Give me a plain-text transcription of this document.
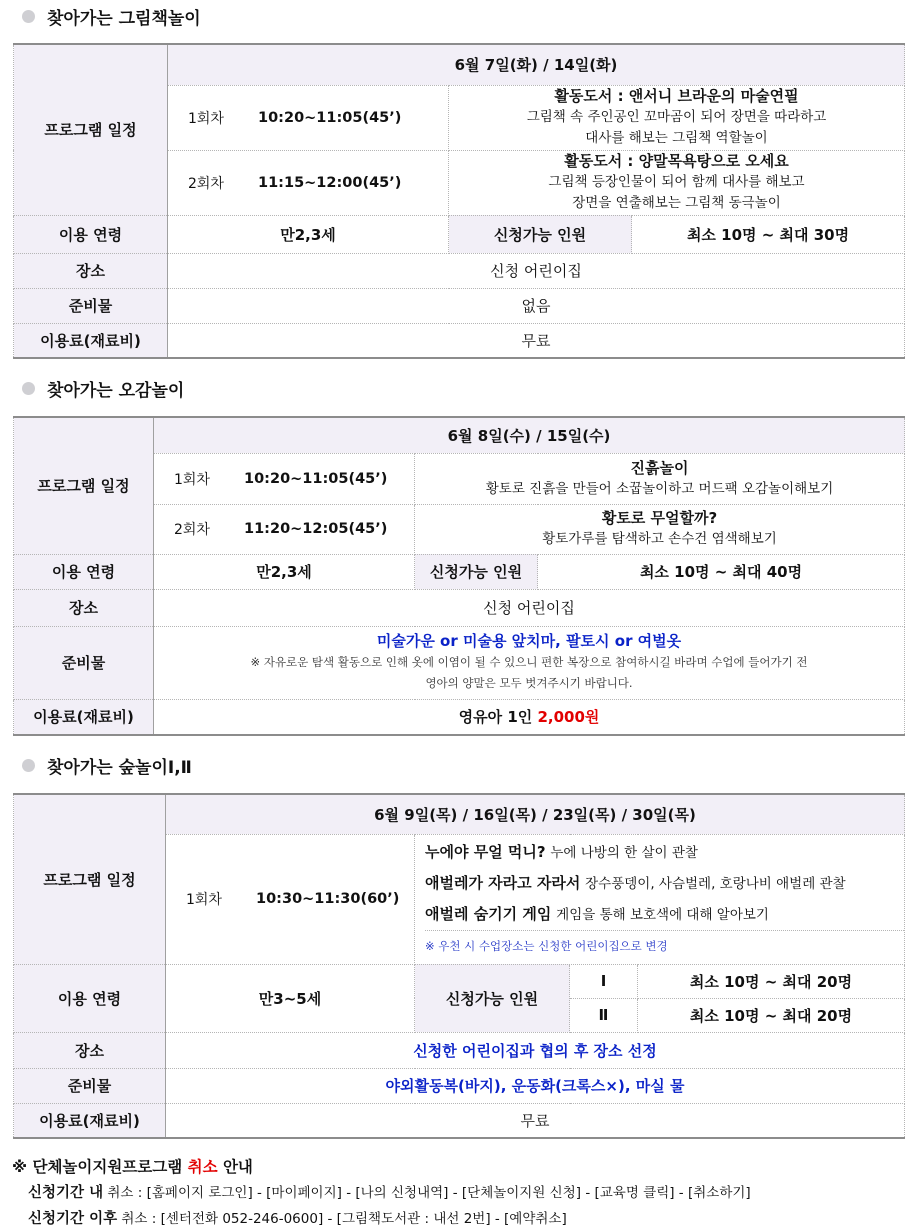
찾아가는 그림책놀이
프로그램 일정	6월 7일(화) / 14일(화)		

	1회차 10:20~11:05(45’)	활동도서 : 앤서니 브라운의 마술연필
그림책 속 주인공인 꼬마곰이 되어 장면을 따라하고
대사를 해보는 그림책 역할놀이	

	2회차 11:15~12:00(45’)	활동도서 : 양말목욕탕으로 오세요
그림책 등장인물이 되어 함께 대사를 해보고
장면을 연출해보는 그림책 동극놀이	

이용 연령	만2,3세	신청가능 인원	최소 10명 ~ 최대 30명
장소	신청 어린이집		
준비물	없음		
이용료(재료비)	무료		
찾아가는 오감놀이
프로그램 일정	6월 8일(수) / 15일(수)		

	1회차 10:20~11:05(45’)	진흙놀이
황토로 진흙을 만들어 소꿉놀이하고 머드팩 오감놀이해보기	

	2회차 11:20~12:05(45’)	황토로 무얼할까?
황토가루를 탐색하고 손수건 염색해보기	

이용 연령	만2,3세	신청가능 인원	최소 10명 ~ 최대 40명
장소	신청 어린이집		
준비물	미술가운 or 미술용 앞치마, 팔토시 or 여벌옷
※ 자유로운 탐색 활동으로 인해 옷에 이염이 될 수 있으니 편한 복장으로 참여하시길 바라며 수업에 들어가기 전
영아의 양말은 모두 벗겨주시기 바랍니다.		

이용료(재료비)	영유아 1인 2,000원		
찾아가는 숲놀이Ⅰ,Ⅱ
프로그램 일정	6월 9일(목) / 16일(목) / 23일(목) / 30일(목)			

	1회차 10:30~11:30(60’)	누에야 무얼 먹니? 누에 나방의 한 살이 관찰
애벌레가 자라고 자라서 장수풍뎅이, 사슴벌레, 호랑나비 애벌레 관찰
애벌레 숨기기 게임 게임을 통해 보호색에 대해 알아보기
※ 우천 시 수업장소는 신청한 어린이집으로 변경		

이용 연령	만3~5세	신청가능 인원	Ⅰ	최소 10명 ~ 최대 20명
			Ⅱ	최소 10명 ~ 최대 20명
장소	신청한 어린이집과 협의 후 장소 선정			
준비물	야외활동복(바지), 운동화(크록스×), 마실 물			
이용료(재료비)	무료			
※ 단체놀이지원프로그램 취소 안내
신청기간 내 취소 : [홈페이지 로그인] - [마이페이지] - [나의 신청내역] - [단체놀이지원 신청] - [교육명 클릭] - [취소하기]
신청기간 이후 취소 : [센터전화 052-246-0600] - [그림책도서관 : 내선 2번] - [예약취소]
